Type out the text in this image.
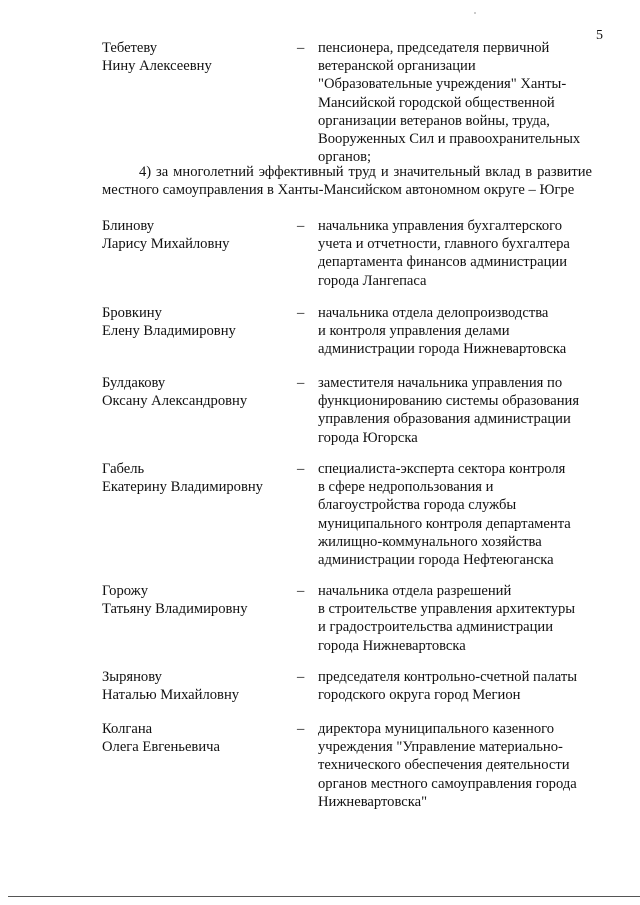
5
Тебетеву
Нину Алексеевну
– пенсионера, председателя первичной
ветеранской организации
"Образовательные учреждения" Ханты-
Мансийской городской общественной
организации ветеранов войны, труда,
Вооруженных Сил и правоохранительных
органов;
4) за многолетний эффективный труд и значительный вклад в развитие
местного самоуправления в Ханты-Мансийском автономном округе – Югре
Блинову
Ларису Михайловну
– начальника управления бухгалтерского
учета и отчетности, главного бухгалтера
департамента финансов администрации
города Лангепаса
Бровкину
Елену Владимировну
– начальника отдела делопроизводства
и контроля управления делами
администрации города Нижневартовска
Булдакову
Оксану Александровну
– заместителя начальника управления по
функционированию системы образования
управления образования администрации
города Югорска
Габель
Екатерину Владимировну
– специалиста-эксперта сектора контроля
в сфере недропользования и
благоустройства города службы
муниципального контроля департамента
жилищно-коммунального хозяйства
администрации города Нефтеюганска
Горожу
Татьяну Владимировну
– начальника отдела разрешений
в строительстве управления архитектуры
и градостроительства администрации
города Нижневартовска
Зырянову
Наталью Михайловну
– председателя контрольно-счетной палаты
городского округа город Мегион
Колгана
Олега Евгеньевича
– директора муниципального казенного
учреждения "Управление материально-
технического обеспечения деятельности
органов местного самоуправления города
Нижневартовска"
